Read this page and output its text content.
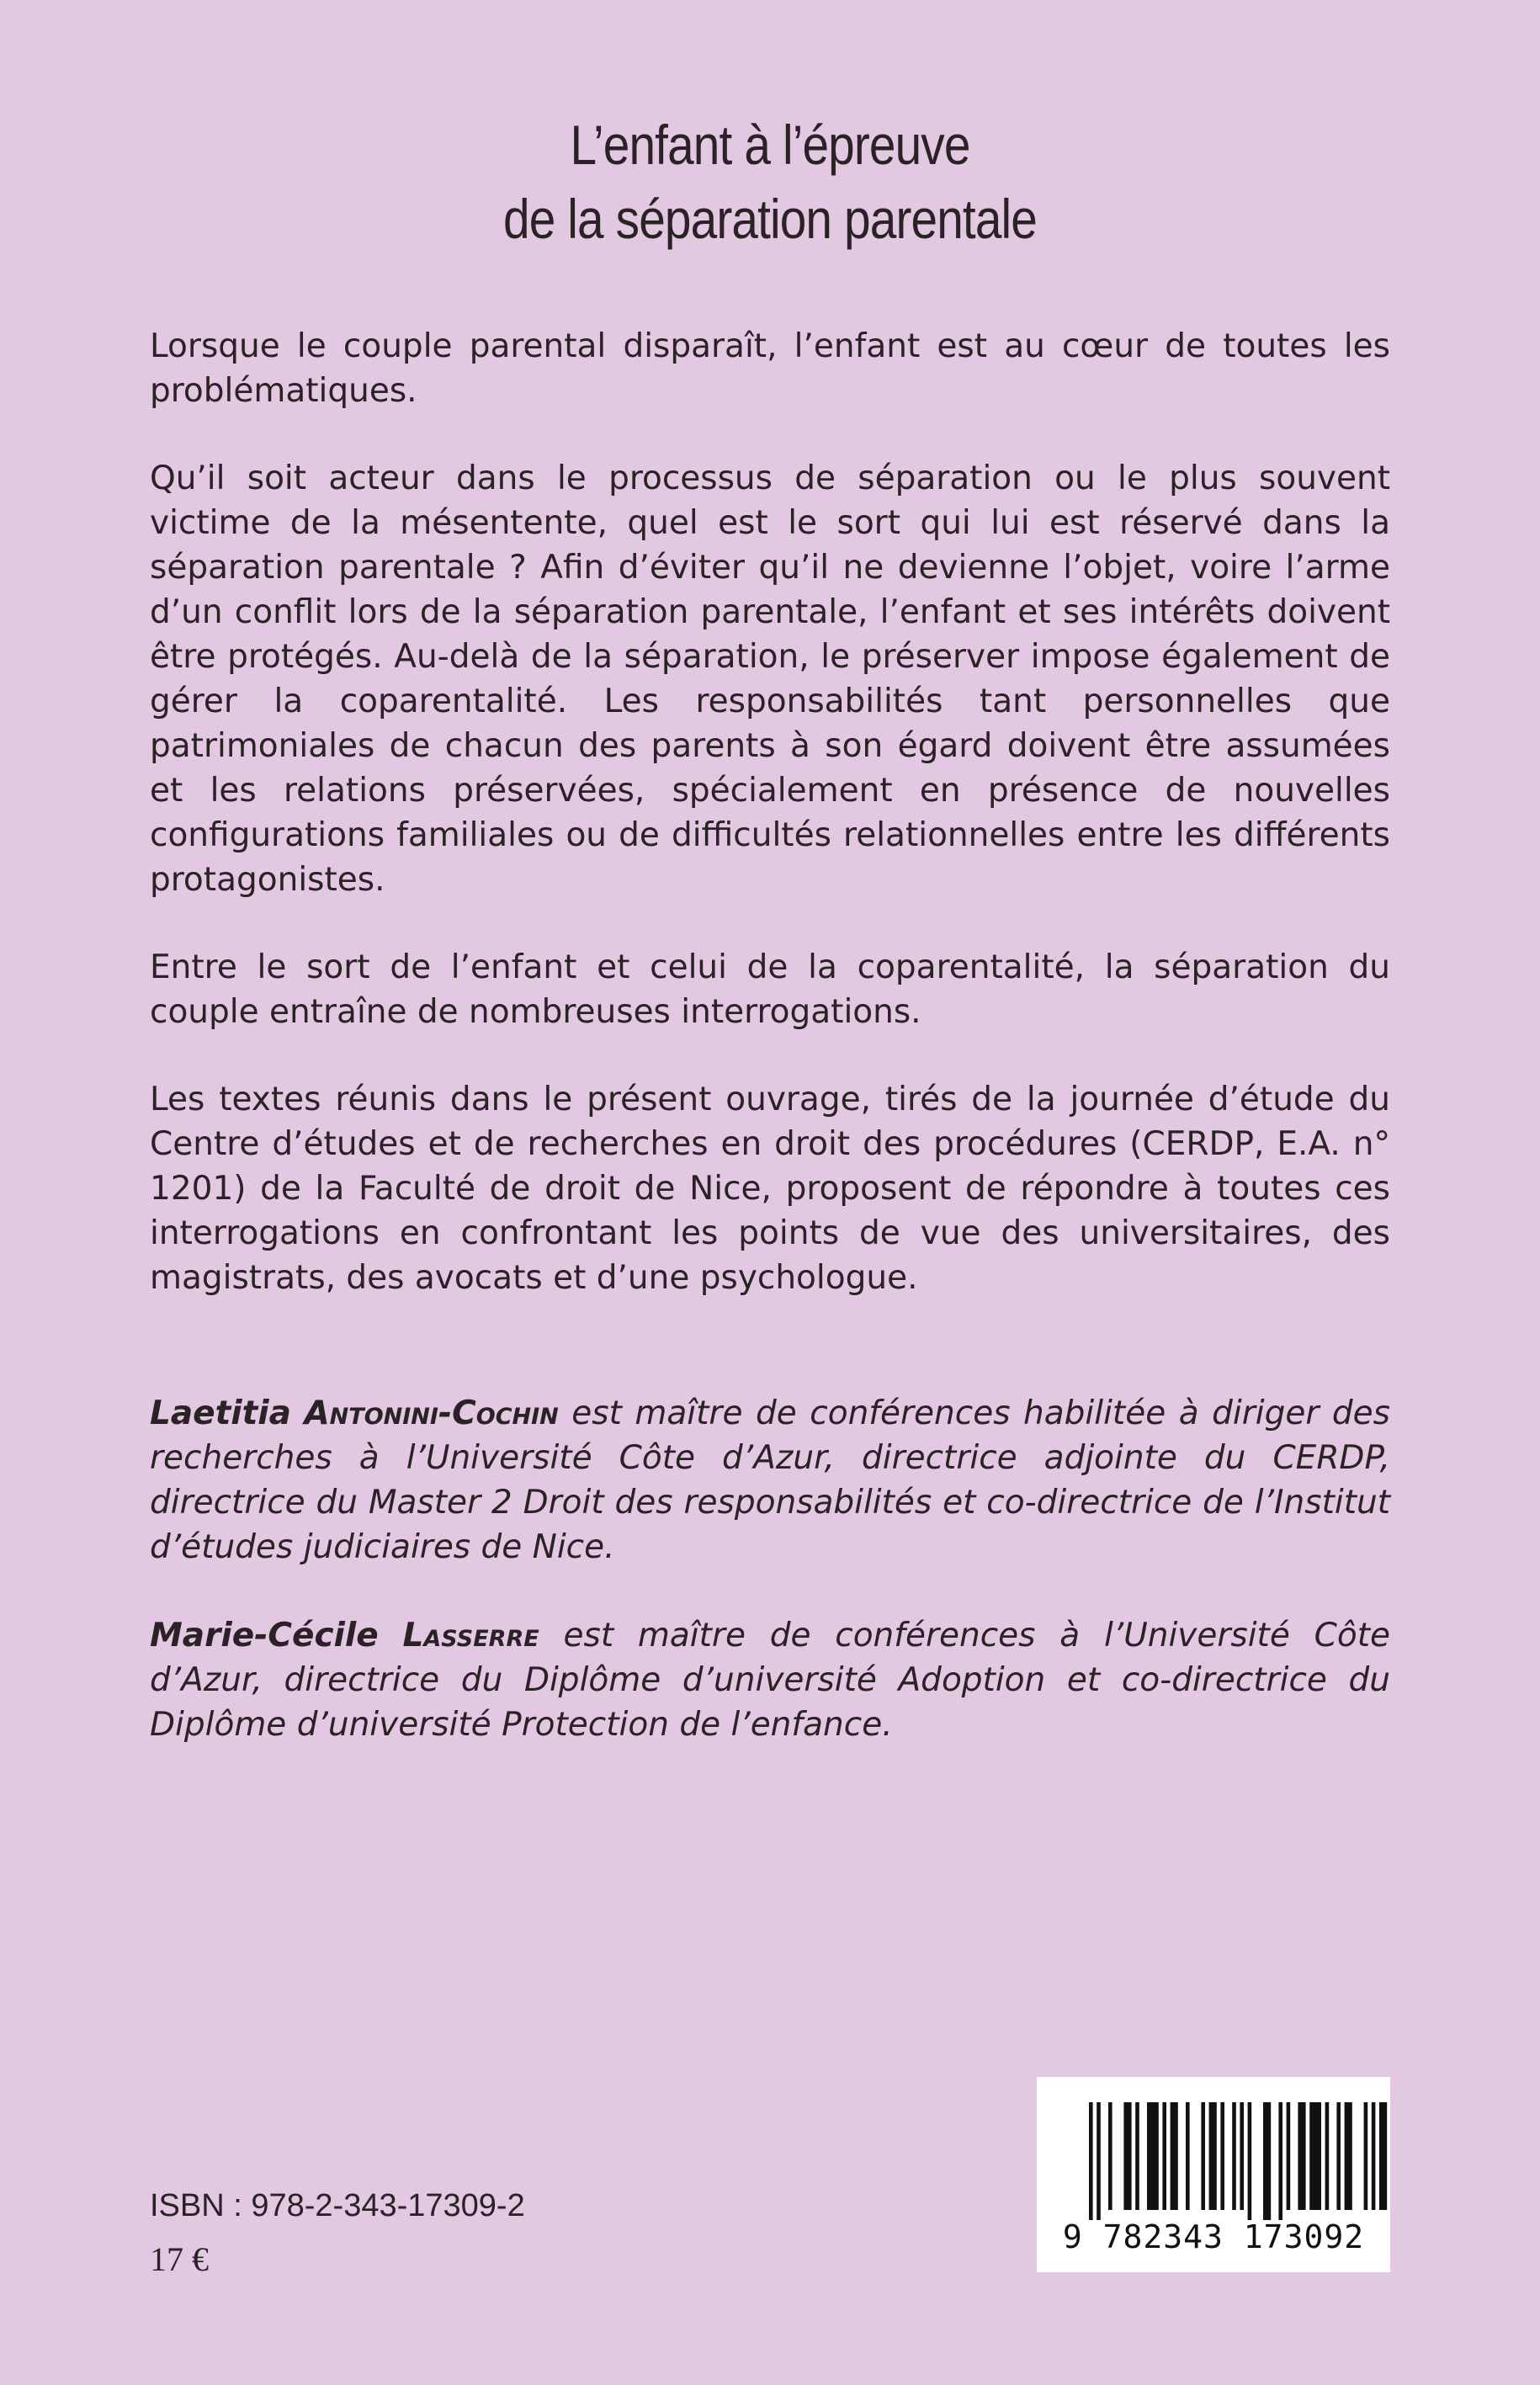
L’enfant à l’épreuve
de la séparation parentale

Lorsque le couple parental disparaît, l’enfant est au cœur de toutes les problématiques.

Qu’il soit acteur dans le processus de séparation ou le plus souvent victime de la mésentente, quel est le sort qui lui est réservé dans la séparation parentale ? Afin d’éviter qu’il ne devienne l’objet, voire l’arme d’un conflit lors de la séparation parentale, l’enfant et ses intérêts doivent être protégés. Au-delà de la séparation, le préserver impose également de gérer la coparentalité. Les responsabilités tant personnelles que patrimoniales de chacun des parents à son égard doivent être assumées et les relations préservées, spécialement en présence de nouvelles configurations familiales ou de difficultés relationnelles entre les différents protagonistes.

Entre le sort de l’enfant et celui de la coparentalité, la séparation du couple entraîne de nombreuses interrogations.

Les textes réunis dans le présent ouvrage, tirés de la journée d’étude du Centre d’études et de recherches en droit des procédures (CERDP, E.A. n° 1201) de la Faculté de droit de Nice, proposent de répondre à toutes ces interrogations en confrontant les points de vue des universitaires, des magistrats, des avocats et d’une psychologue.

Laetitia Antonini-Cochin est maître de conférences habilitée à diriger des recherches à l’Université Côte d’Azur, directrice adjointe du CERDP, directrice du Master 2 Droit des responsabilités et co-directrice de l’Institut d’études judiciaires de Nice.

Marie-Cécile Lasserre est maître de conférences à l’Université Côte d’Azur, directrice du Diplôme d’université Adoption et co-directrice du Diplôme d’université Protection de l’enfance.

ISBN : 978-2-343-17309-2
17 €
9 782343 173092
